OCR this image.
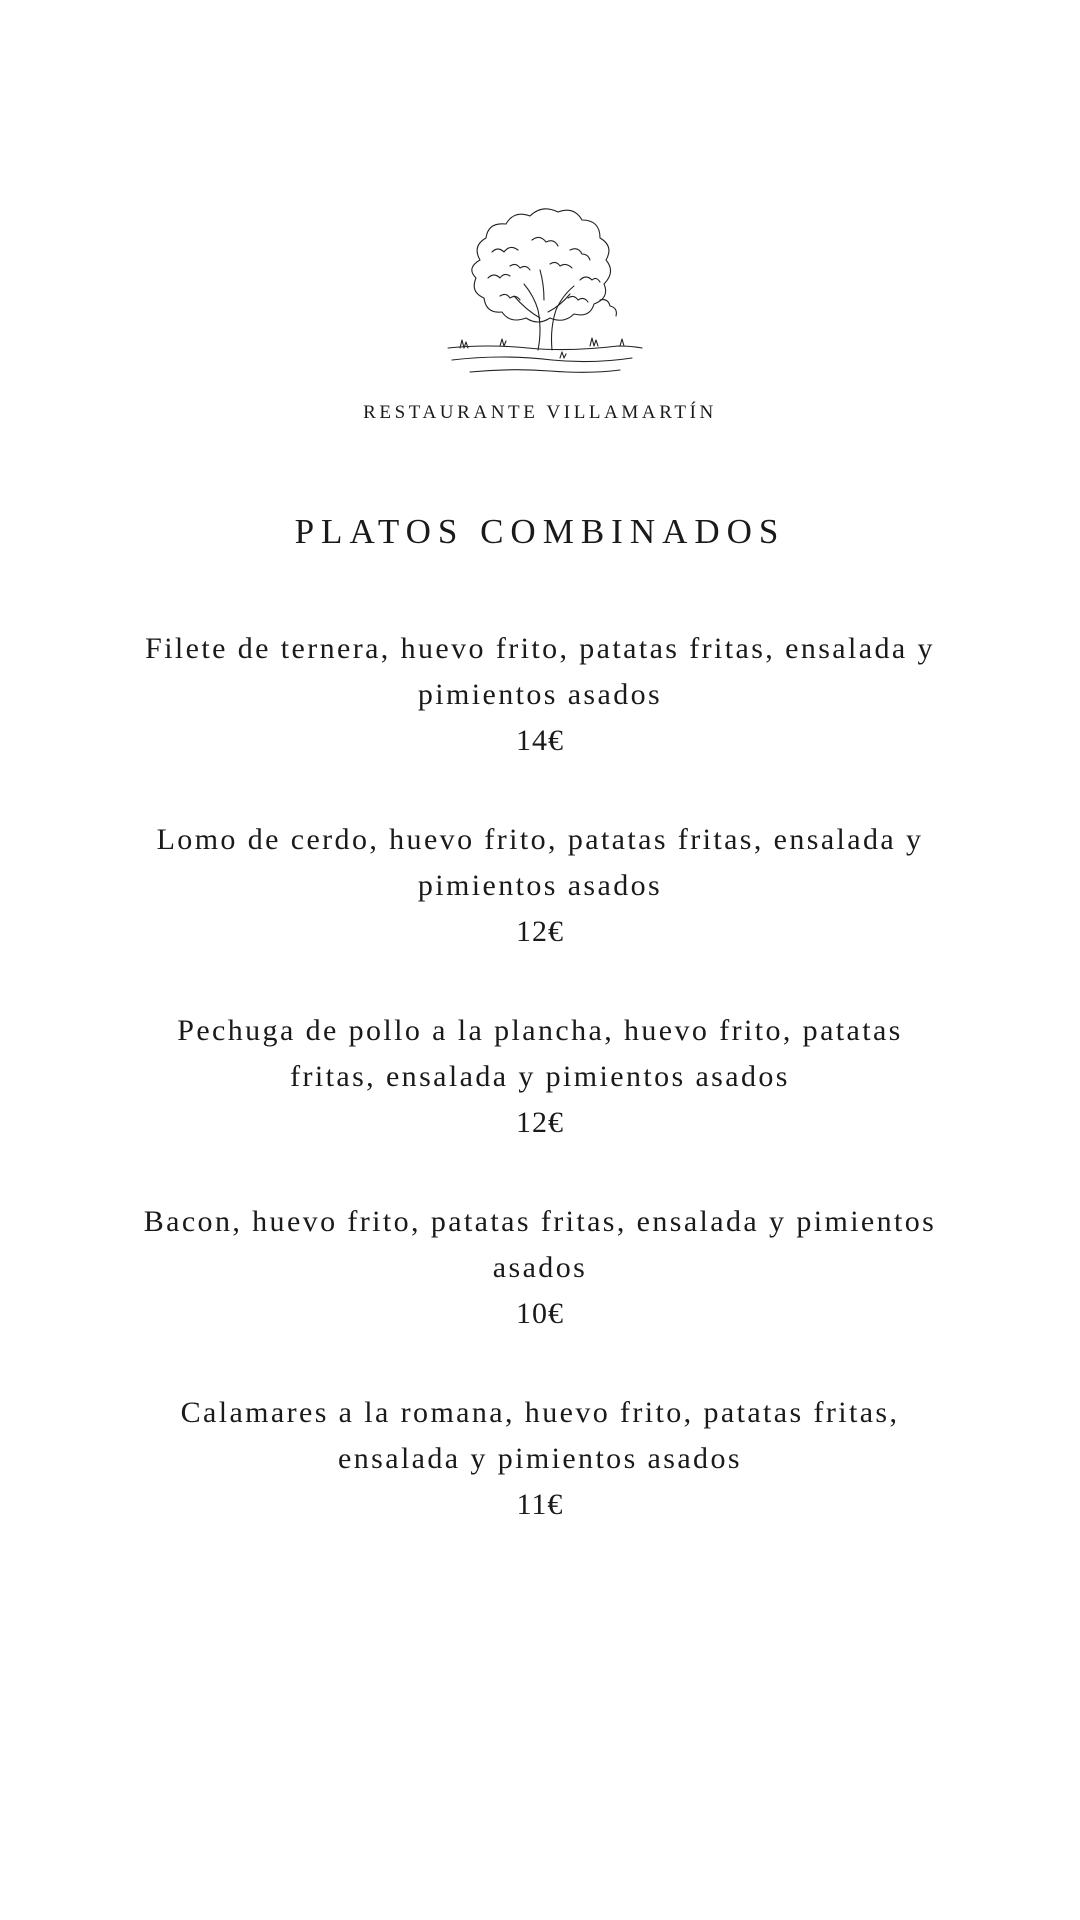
RESTAURANTE VILLAMARTÍN
PLATOS COMBINADOS
Filete de ternera, huevo frito, patatas fritas, ensalada y pimientos asados
14€
Lomo de cerdo, huevo frito, patatas fritas, ensalada y pimientos asados
12€
Pechuga de pollo a la plancha, huevo frito, patatas fritas, ensalada y pimientos asados
12€
Bacon, huevo frito, patatas fritas, ensalada y pimientos asados
10€
Calamares a la romana, huevo frito, patatas fritas, ensalada y pimientos asados
11€
